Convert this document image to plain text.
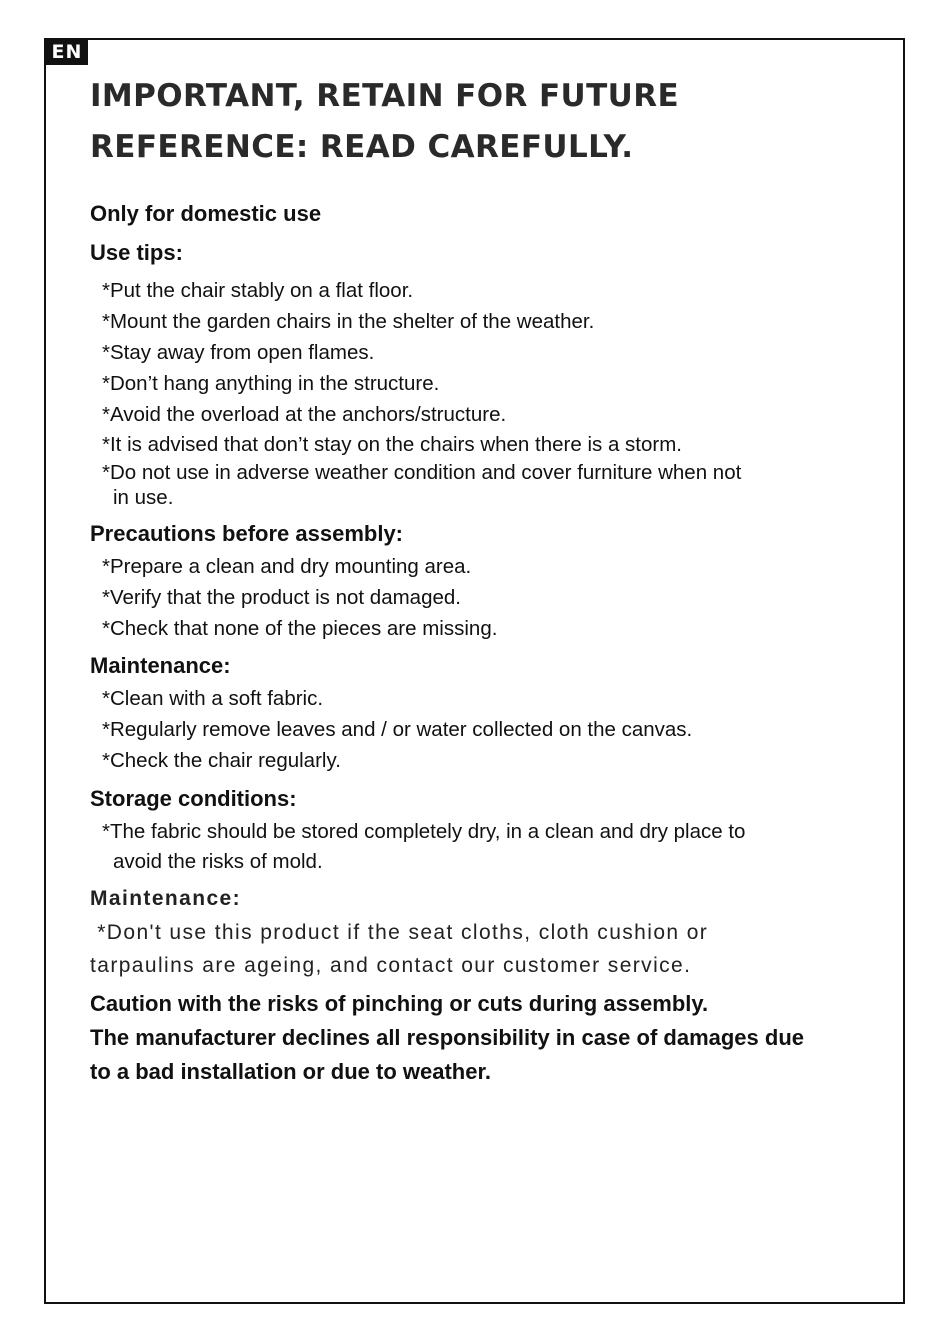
EN
IMPORTANT, RETAIN FOR FUTURE
REFERENCE: READ CAREFULLY.
Only for domestic use
Use tips:
*Put the chair stably on a flat floor.
*Mount the garden chairs in the shelter of the weather.
*Stay away from open flames.
*Don’t hang anything in the structure.
*Avoid the overload at the anchors/structure.
*It is advised that don’t stay on the chairs when there is a storm.
*Do not use in adverse weather condition and cover furniture when not
in use.
Precautions before assembly:
*Prepare a clean and dry mounting area.
*Verify that the product is not damaged.
*Check that none of the pieces are missing.
Maintenance:
*Clean with a soft fabric.
*Regularly remove leaves and / or water collected on the canvas.
*Check the chair regularly.
Storage conditions:
*The fabric should be stored completely dry, in a clean and dry place to
avoid the risks of mold.
Maintenance:
*Don't use this product if the seat cloths, cloth cushion or
tarpaulins are ageing, and contact our customer service.
Caution with the risks of pinching or cuts during assembly.
The manufacturer declines all responsibility in case of damages due
to a bad installation or due to weather.
